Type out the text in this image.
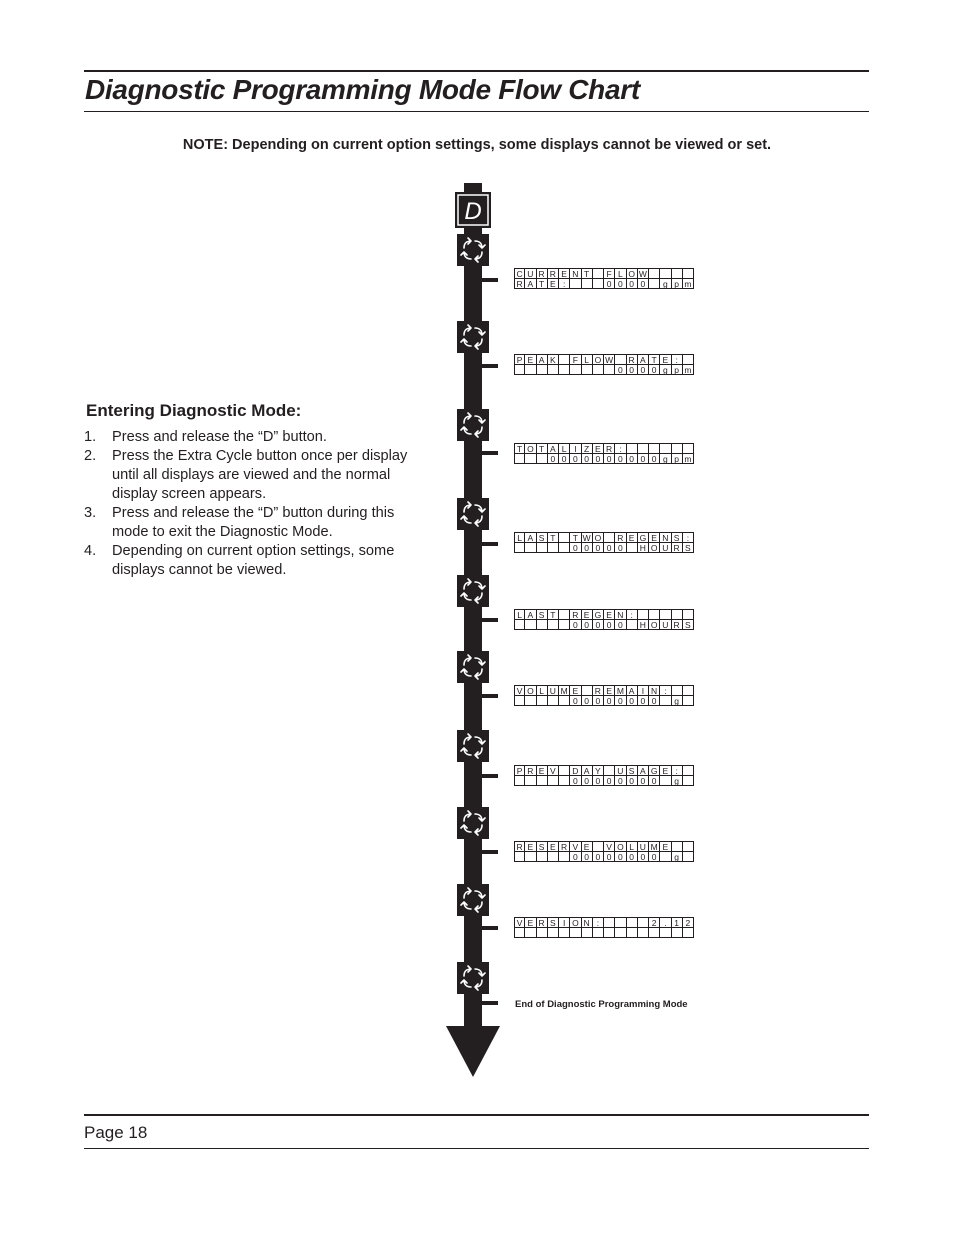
Diagnostic Programming Mode Flow Chart
NOTE: Depending on current option settings, some displays cannot be viewed or set.
Entering Diagnostic Mode:
1. Press and release the “D” button.
2. Press the Extra Cycle button once per display until all displays are viewed and the normal display screen appears.
3. Press and release the “D” button during this mode to exit the Diagnostic Mode.
4. Depending on current option settings, some displays cannot be viewed.
D
C U R R E N T	F L O W
R A T E :	0 0 0 0	g p m
P E A K	F L O W R A T E :
0 0 0 0 g p m
T O T A L I Z E R :
0 0 0 0 0 0 0 0 0 0 g p m
L A S T	T W O	R E G E N S :
0 0 0 0 0	H O U R S
L A S T	R E G E N :
0 0 0 0 0	H O U R S
V O L U M E	R E M A I N :
0 0 0 0 0 0 0 0	g
P R E V	D A Y	U S A G E :
0 0 0 0 0 0 0 0	g
R E S E R V E	V O L U M E
0 0 0 0 0 0 0 0	g
V E R S I O N :	2 . 1 2
End of Diagnostic Programming Mode
Page 18
